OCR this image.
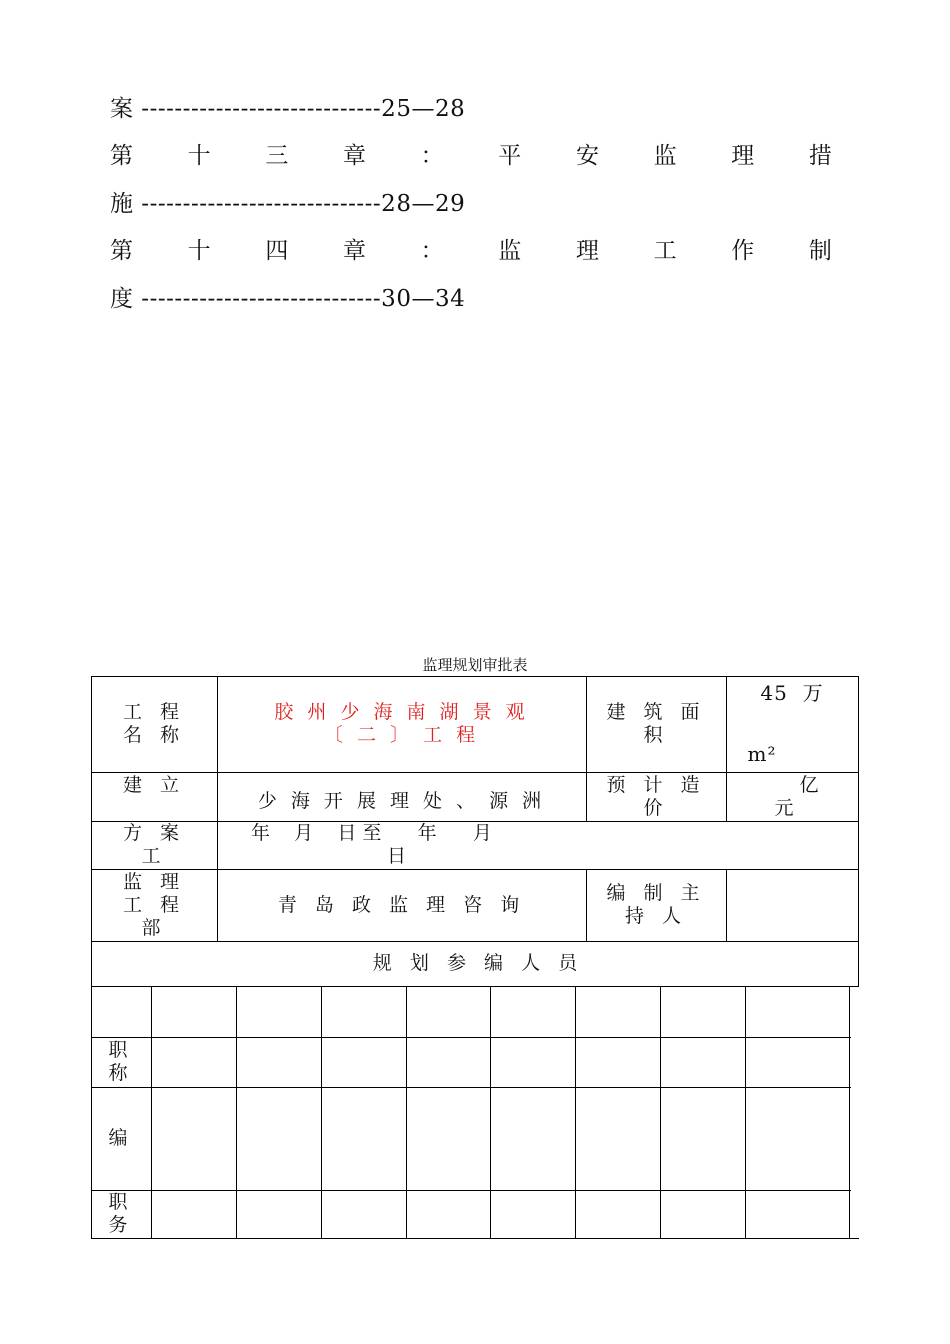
案 -----------------------------25—28
第 十 三 章 ： 平 安 监 理 措
施 -----------------------------28—29
第 十 四 章 ： 监 理 工 作 制
度 -----------------------------30—34
监理规划审批表
工 程
名 称
胶 州 少 海 南 湖 景 观
〔 二 〕 工 程
建 筑 面
积
45  万
m²
建 立
少 海 开 展 理 处 、 源 洲
预 计 造
价
亿
元
方 案
工
年    月    日 至      年      月
日
监 理
工 程
部
青 岛 政 监 理 咨 询
编 制 主
持 人
规   划   参   编   人   员
职
称
编
职
务
